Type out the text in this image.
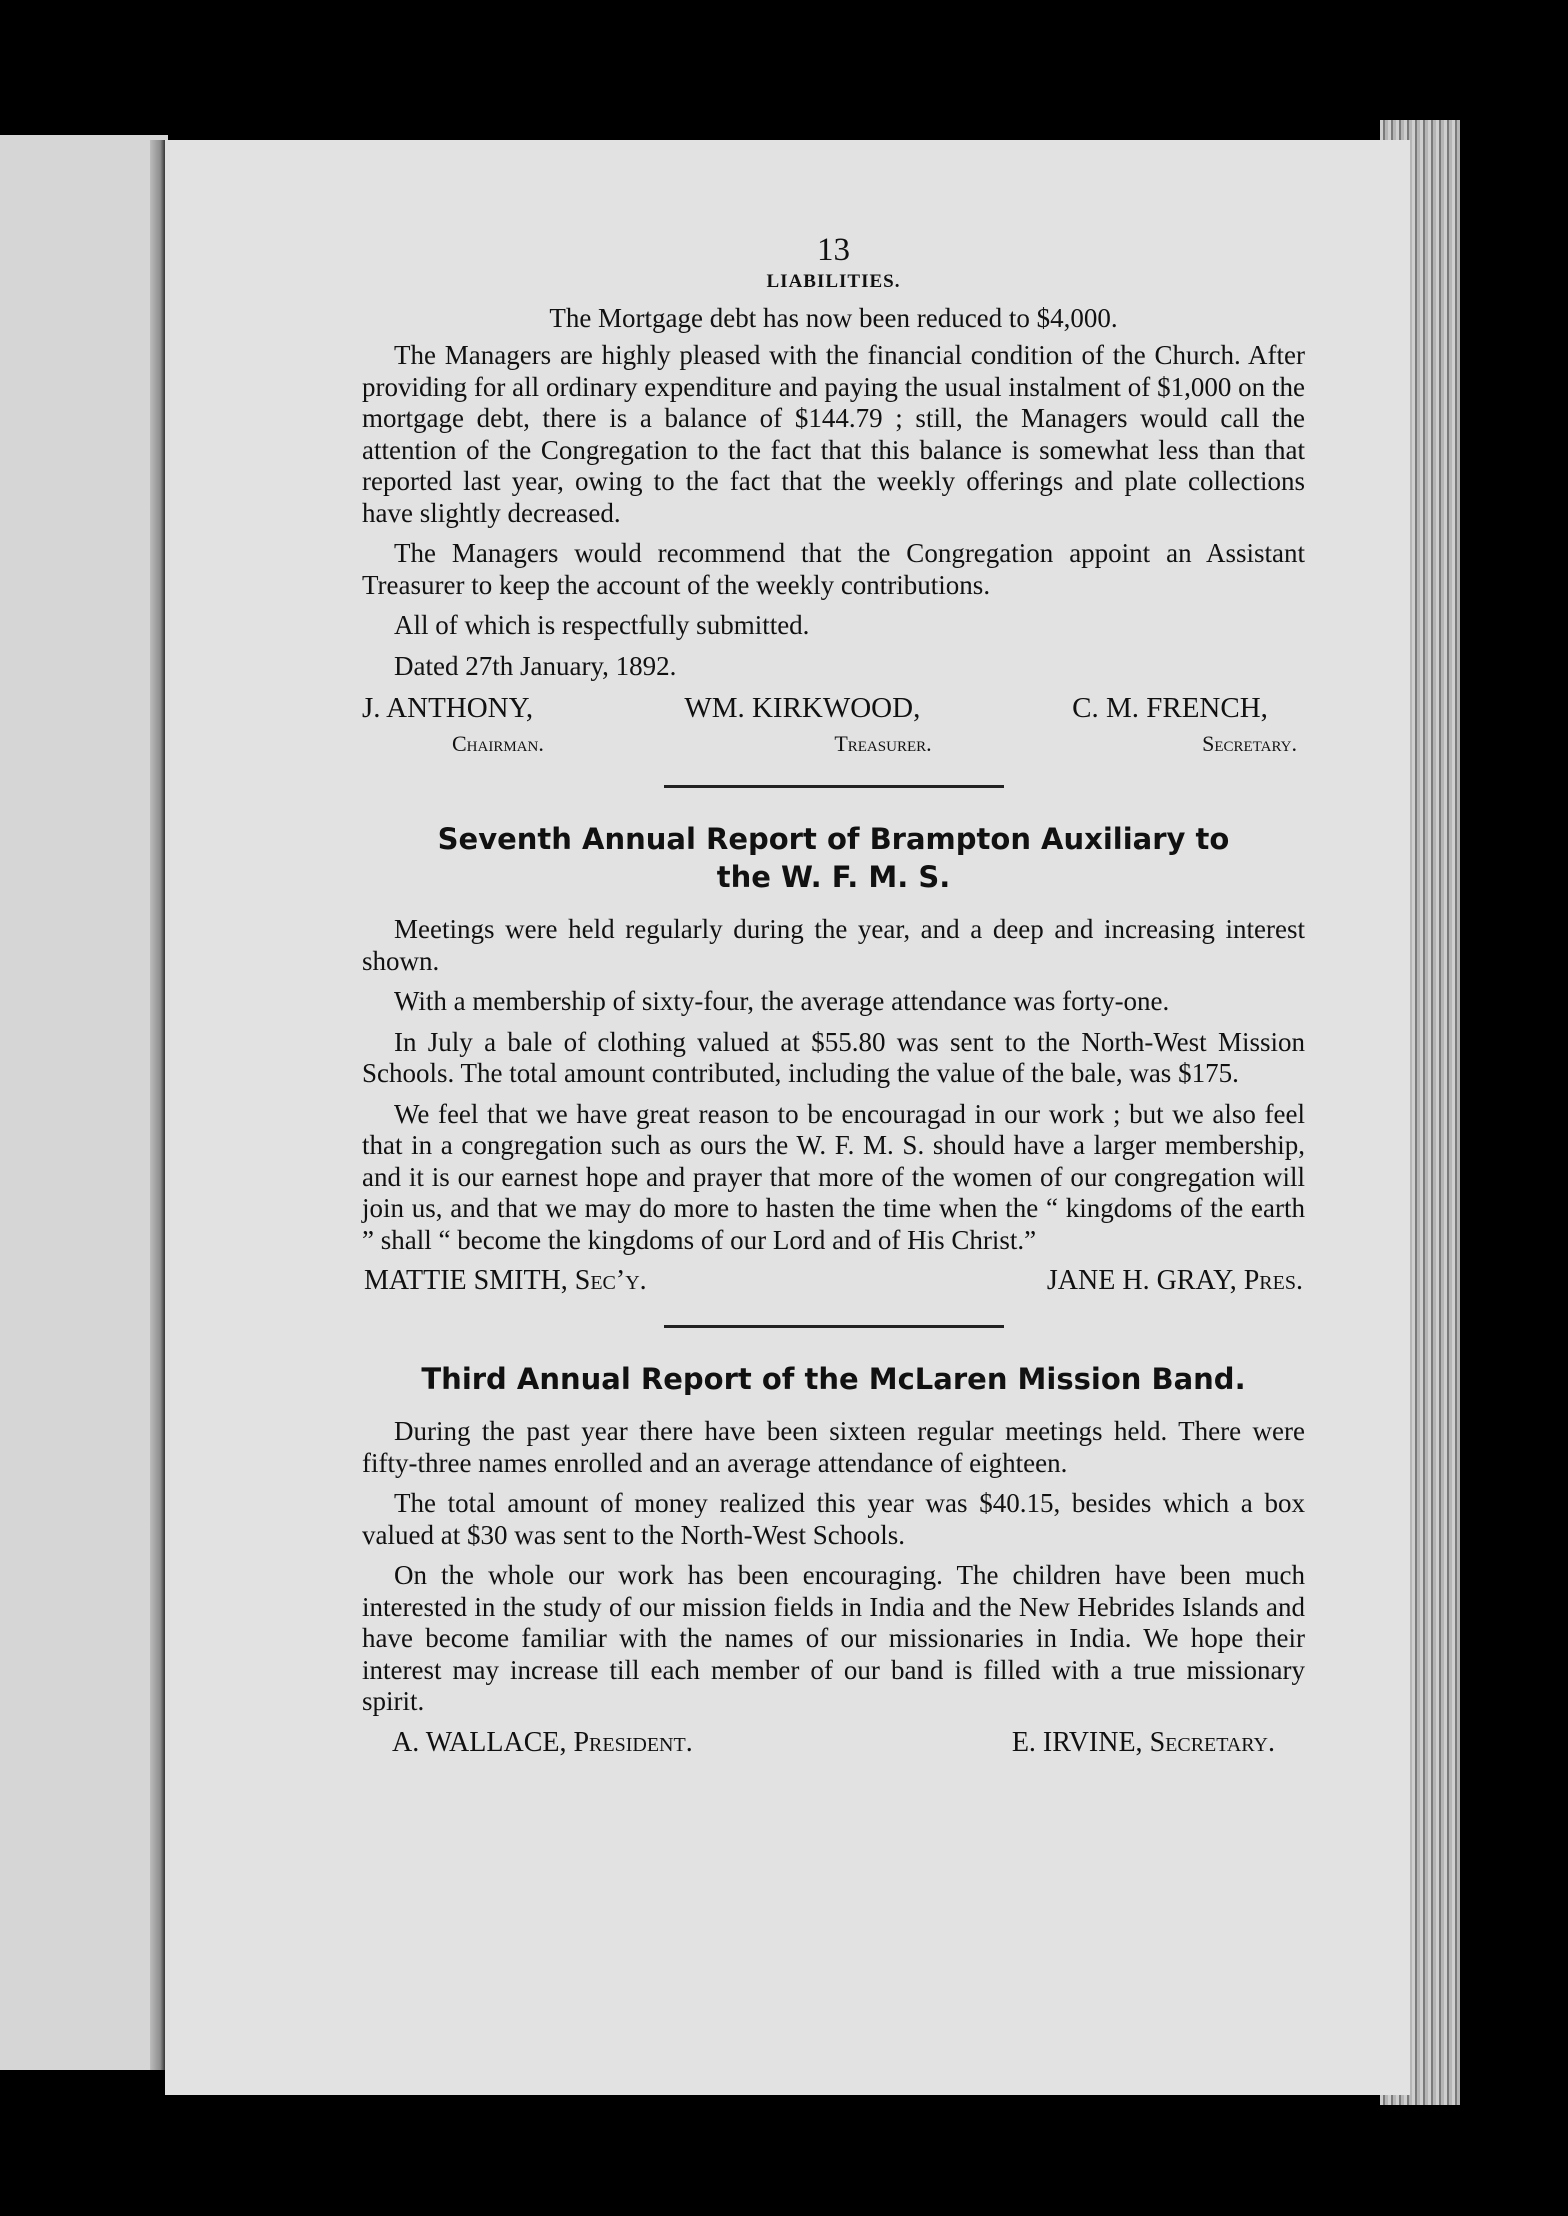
13
LIABILITIES.
The Mortgage debt has now been reduced to $4,000.

The Managers are highly pleased with the financial condition of the Church. After providing for all ordinary expenditure and paying the usual instalment of $1,000 on the mortgage debt, there is a balance of $144.79 ; still, the Managers would call the attention of the Congregation to the fact that this balance is somewhat less than that reported last year, owing to the fact that the weekly offerings and plate collections have slightly decreased.

The Managers would recommend that the Congregation appoint an Assistant Treasurer to keep the account of the weekly contributions.

All of which is respectfully submitted.

Dated 27th January, 1892.

J. ANTHONY,
Chairman.
WM. KIRKWOOD,
Treasurer.
C. M. FRENCH,
Secretary.
Seventh Annual Report of Brampton Auxiliary to
the W. F. M. S.

Meetings were held regularly during the year, and a deep and increasing interest shown.

With a membership of sixty-four, the average attendance was forty-one.

In July a bale of clothing valued at $55.80 was sent to the North-West Mission Schools. The total amount contributed, including the value of the bale, was $175.

We feel that we have great reason to be encouragad in our work ; but we also feel that in a congregation such as ours the W. F. M. S. should have a larger membership, and it is our earnest hope and prayer that more of the women of our congregation will join us, and that we may do more to hasten the time when the “ kingdoms of the earth ” shall “ become the kingdoms of our Lord and of His Christ.”

MATTIE SMITH, Sec’y.	JANE H. GRAY, Pres.
Third Annual Report of the McLaren Mission Band.

During the past year there have been sixteen regular meetings held. There were fifty-three names enrolled and an average attendance of eighteen.

The total amount of money realized this year was $40.15, besides which a box valued at $30 was sent to the North-West Schools.

On the whole our work has been encouraging. The children have been much interested in the study of our mission fields in India and the New Hebrides Islands and have become familiar with the names of our missionaries in India. We hope their interest may increase till each member of our band is filled with a true missionary spirit.

A. WALLACE, President.	E. IRVINE, Secretary.
